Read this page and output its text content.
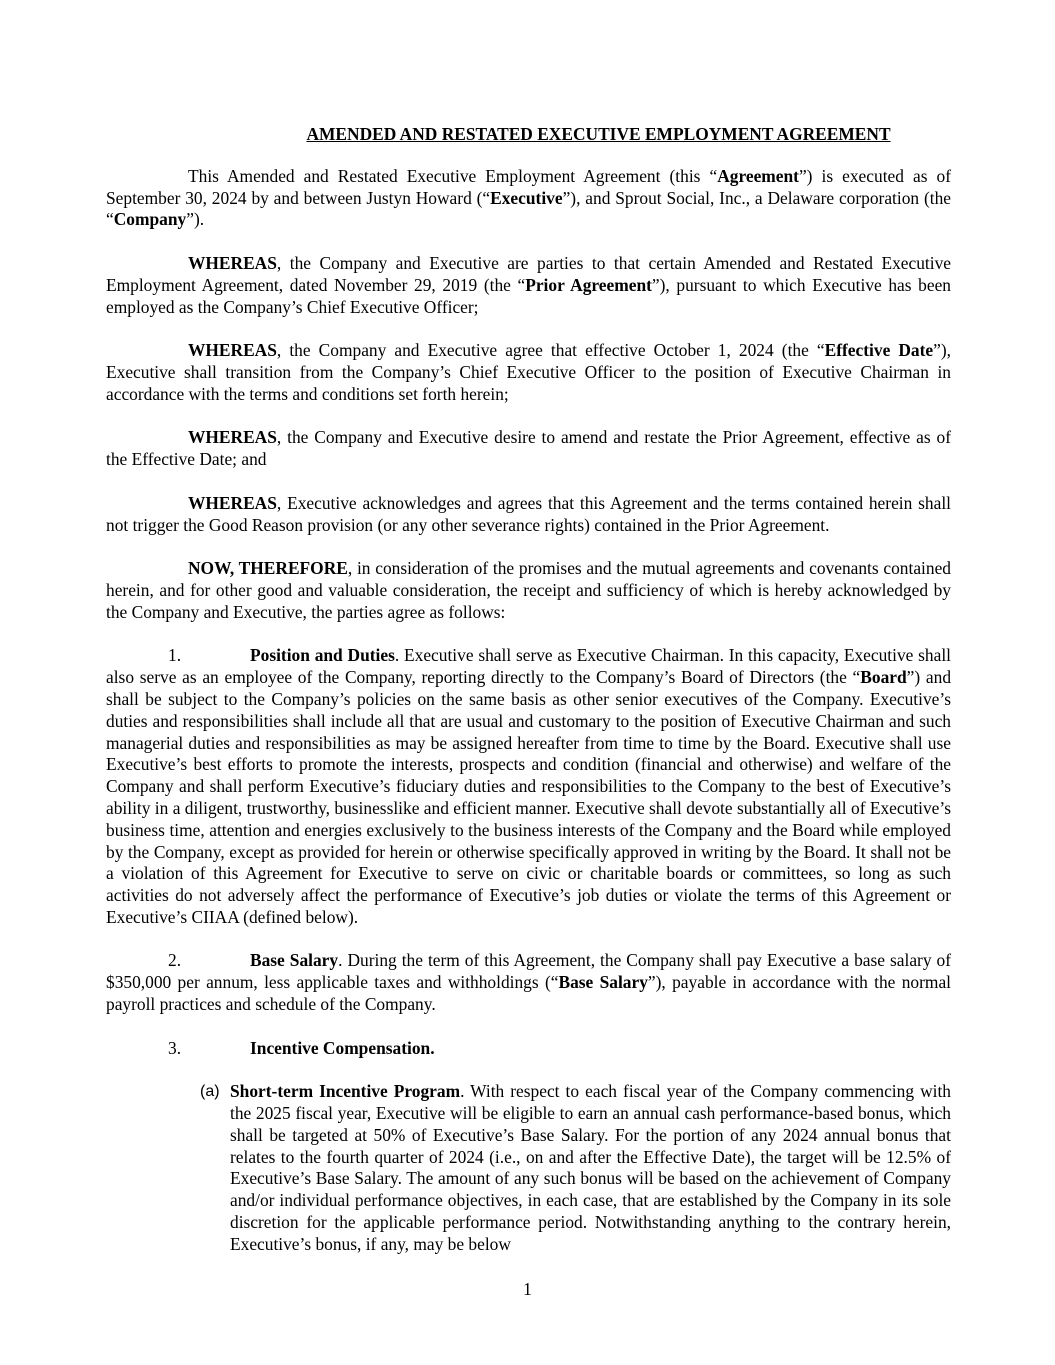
AMENDED AND RESTATED EXECUTIVE EMPLOYMENT AGREEMENT

This Amended and Restated Executive Employment Agreement (this “Agreement”) is executed as of September 30, 2024 by and between Justyn Howard (“Executive”), and Sprout Social, Inc., a Delaware corporation (the “Company”).

WHEREAS, the Company and Executive are parties to that certain Amended and Restated Executive Employment Agreement, dated November 29, 2019 (the “Prior Agreement”), pursuant to which Executive has been employed as the Company’s Chief Executive Officer;

WHEREAS, the Company and Executive agree that effective October 1, 2024 (the “Effective Date”), Executive shall transition from the Company’s Chief Executive Officer to the position of Executive Chairman in accordance with the terms and conditions set forth herein;

WHEREAS, the Company and Executive desire to amend and restate the Prior Agreement, effective as of the Effective Date; and

WHEREAS, Executive acknowledges and agrees that this Agreement and the terms contained herein shall not trigger the Good Reason provision (or any other severance rights) contained in the Prior Agreement.

NOW, THEREFORE, in consideration of the promises and the mutual agreements and covenants contained herein, and for other good and valuable consideration, the receipt and sufficiency of which is hereby acknowledged by the Company and Executive, the parties agree as follows:

1.	Position and Duties. Executive shall serve as Executive Chairman. In this capacity, Executive shall also serve as an employee of the Company, reporting directly to the Company’s Board of Directors (the “Board”) and shall be subject to the Company’s policies on the same basis as other senior executives of the Company. Executive’s duties and responsibilities shall include all that are usual and customary to the position of Executive Chairman and such managerial duties and responsibilities as may be assigned hereafter from time to time by the Board. Executive shall use Executive’s best efforts to promote the interests, prospects and condition (financial and otherwise) and welfare of the Company and shall perform Executive’s fiduciary duties and responsibilities to the Company to the best of Executive’s ability in a diligent, trustworthy, businesslike and efficient manner. Executive shall devote substantially all of Executive’s business time, attention and energies exclusively to the business interests of the Company and the Board while employed by the Company, except as provided for herein or otherwise specifically approved in writing by the Board. It shall not be a violation of this Agreement for Executive to serve on civic or charitable boards or committees, so long as such activities do not adversely affect the performance of Executive’s job duties or violate the terms of this Agreement or Executive’s CIIAA (defined below).

2.	Base Salary. During the term of this Agreement, the Company shall pay Executive a base salary of $350,000 per annum, less applicable taxes and withholdings (“Base Salary”), payable in accordance with the normal payroll practices and schedule of the Company.

3.	Incentive Compensation.

(a) Short-term Incentive Program. With respect to each fiscal year of the Company commencing with the 2025 fiscal year, Executive will be eligible to earn an annual cash performance-based bonus, which shall be targeted at 50% of Executive’s Base Salary. For the portion of any 2024 annual bonus that relates to the fourth quarter of 2024 (i.e., on and after the Effective Date), the target will be 12.5% of Executive’s Base Salary. The amount of any such bonus will be based on the achievement of Company and/or individual performance objectives, in each case, that are established by the Company in its sole discretion for the applicable performance period. Notwithstanding anything to the contrary herein, Executive’s bonus, if any, may be below
1
